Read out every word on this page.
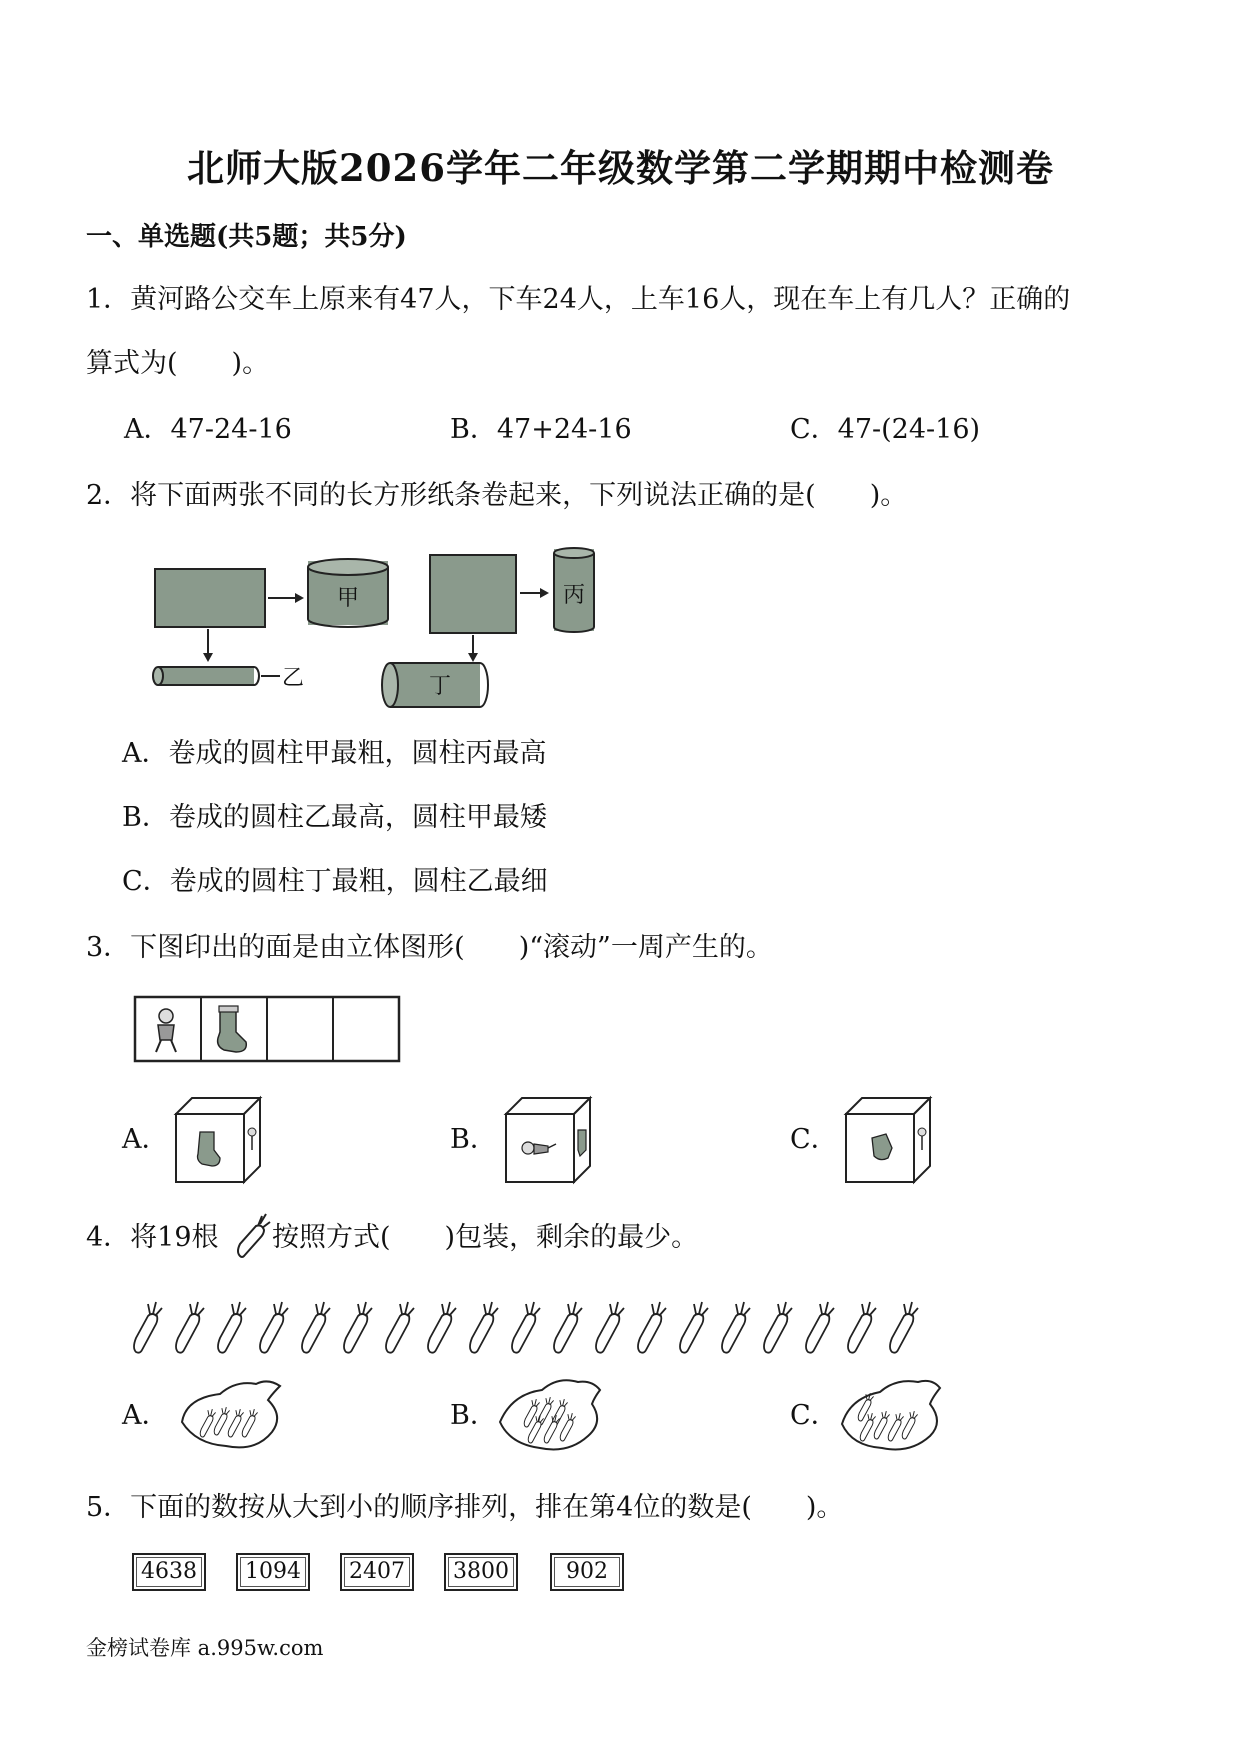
北师大版2026学年二年级数学第二学期期中检测卷
一、单选题(共5题；共5分)
1．黄河路公交车上原来有47人，下车24人，上车16人，现在车上有几人？正确的
算式为(　　)。
A．47-24-16	B．47+24-16	C．47-(24-16)
2．将下面两张不同的长方形纸条卷起来，下列说法正确的是(　　)。
甲
乙
丙
丁
A．卷成的圆柱甲最粗，圆柱丙最高
B．卷成的圆柱乙最高，圆柱甲最矮
C．卷成的圆柱丁最粗，圆柱乙最细
3．下图印出的面是由立体图形(　　)“滚动”一周产生的。
A．	B．	C．
4．将19根 按照方式(　　)包装，剩余的最少。
A．	B．	C．
5．下面的数按从大到小的顺序排列，排在第4位的数是(　　)。
4638	1094	2407	3800	902
金榜试卷库 a.995w.com
